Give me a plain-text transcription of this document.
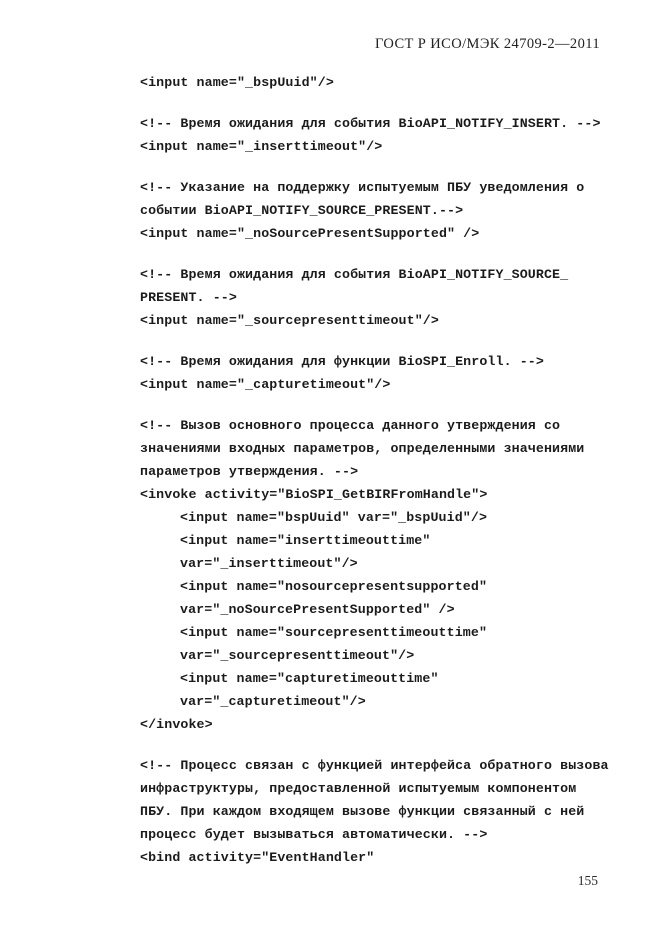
ГОСТ Р ИСО/МЭК 24709-2—2011
<input name="_bspUuid"/>
<!-- Время ожидания для события BioAPI_NOTIFY_INSERT. -->
<input name="_inserttimeout"/>
<!-- Указание на поддержку испытуемым ПБУ уведомления о
событии BioAPI_NOTIFY_SOURCE_PRESENT.-->
<input name="_noSourcePresentSupported" />
<!-- Время ожидания для события BioAPI_NOTIFY_SOURCE_
PRESENT. -->
<input name="_sourcepresenttimeout"/>
<!-- Время ожидания для функции BioSPI_Enroll. -->
<input name="_capturetimeout"/>
<!-- Вызов основного процесса данного утверждения со
значениями входных параметров, определенными значениями
параметров утверждения. -->
<invoke activity="BioSPI_GetBIRFromHandle">
<input name="bspUuid" var="_bspUuid"/>
<input name="inserttimeouttime"
var="_inserttimeout"/>
<input name="nosourcepresentsupported"
var="_noSourcePresentSupported" />
<input name="sourcepresenttimeouttime"
var="_sourcepresenttimeout"/>
<input name="capturetimeouttime"
var="_capturetimeout"/>
</invoke>
<!-- Процесс связан с функцией интерфейса обратного вызова
инфраструктуры, предоставленной испытуемым компонентом
ПБУ. При каждом входящем вызове функции связанный с ней
процесс будет вызываться автоматически. -->
<bind activity="EventHandler"
155
